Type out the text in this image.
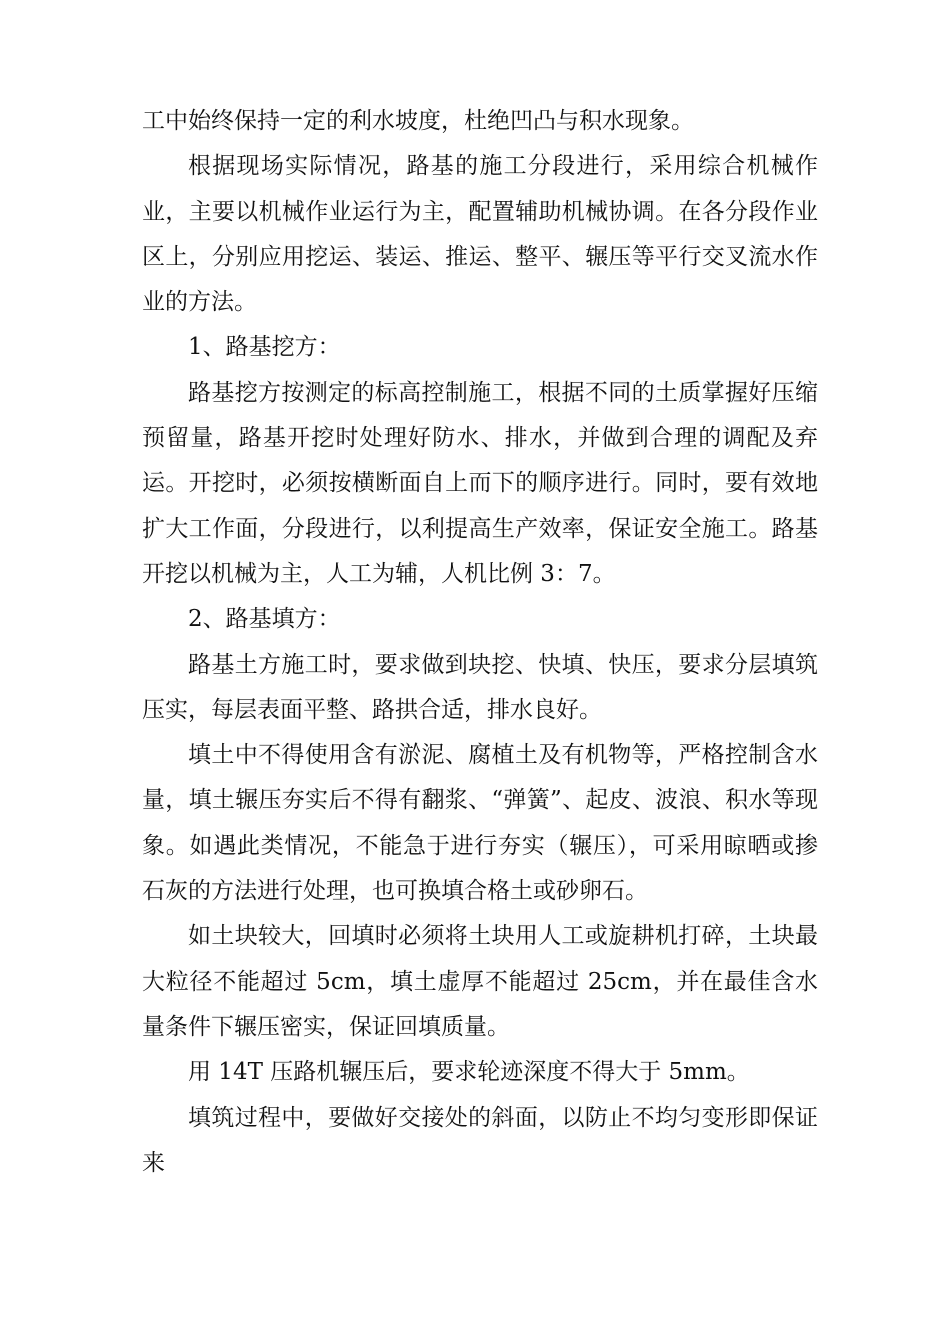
工中始终保持一定的利水坡度，杜绝凹凸与积水现象。

根据现场实际情况，路基的施工分段进行，采用综合机械作业，主要以机械作业运行为主，配置辅助机械协调。在各分段作业区上，分别应用挖运、装运、推运、整平、辗压等平行交叉流水作业的方法。

1、路基挖方：

路基挖方按测定的标高控制施工，根据不同的土质掌握好压缩预留量，路基开挖时处理好防水、排水，并做到合理的调配及弃运。开挖时，必须按横断面自上而下的顺序进行。同时，要有效地扩大工作面，分段进行，以利提高生产效率，保证安全施工。路基开挖以机械为主，人工为辅，人机比例 3：7。

2、路基填方：

路基土方施工时，要求做到块挖、快填、快压，要求分层填筑压实，每层表面平整、路拱合适，排水良好。

填土中不得使用含有淤泥、腐植土及有机物等，严格控制含水量，填土辗压夯实后不得有翻浆、“弹簧”、起皮、波浪、积水等现象。如遇此类情况，不能急于进行夯实（辗压），可采用晾晒或掺石灰的方法进行处理，也可换填合格土或砂卵石。

如土块较大，回填时必须将土块用人工或旋耕机打碎，土块最大粒径不能超过 5cm，填土虚厚不能超过 25cm，并在最佳含水量条件下辗压密实，保证回填质量。

用 14T 压路机辗压后，要求轮迹深度不得大于 5mm。

填筑过程中，要做好交接处的斜面，以防止不均匀变形即保证来
